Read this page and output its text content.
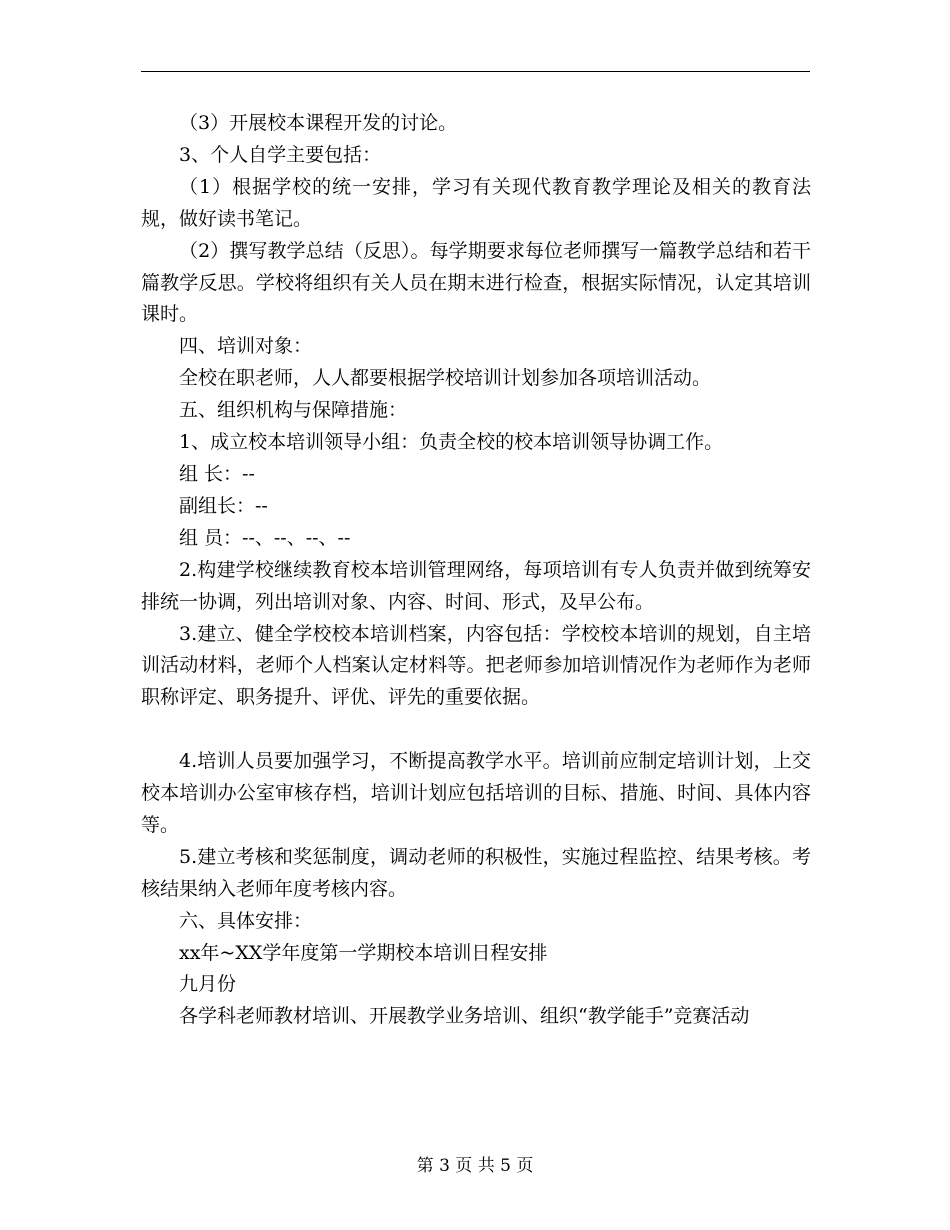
（3）开展校本课程开发的讨论。

3、个人自学主要包括：

（1）根据学校的统一安排，学习有关现代教育教学理论及相关的教育法规，做好读书笔记。

（2）撰写教学总结（反思）。每学期要求每位老师撰写一篇教学总结和若干篇教学反思。学校将组织有关人员在期末进行检查，根据实际情况，认定其培训课时。

四、培训对象：

全校在职老师，人人都要根据学校培训计划参加各项培训活动。

五、组织机构与保障措施：

1、成立校本培训领导小组：负责全校的校本培训领导协调工作。

组 长：--

副组长：--

组 员：--、--、--、--

2.构建学校继续教育校本培训管理网络，每项培训有专人负责并做到统筹安排统一协调，列出培训对象、内容、时间、形式，及早公布。

3.建立、健全学校校本培训档案，内容包括：学校校本培训的规划，自主培训活动材料，老师个人档案认定材料等。把老师参加培训情况作为老师作为老师职称评定、职务提升、评优、评先的重要依据。

4.培训人员要加强学习，不断提高教学水平。培训前应制定培训计划，上交校本培训办公室审核存档，培训计划应包括培训的目标、措施、时间、具体内容等。

5.建立考核和奖惩制度，调动老师的积极性，实施过程监控、结果考核。考核结果纳入老师年度考核内容。

六、具体安排：

xx年~XX学年度第一学期校本培训日程安排

九月份

各学科老师教材培训、开展教学业务培训、组织“教学能手”竞赛活动

第 3 页 共 5 页
